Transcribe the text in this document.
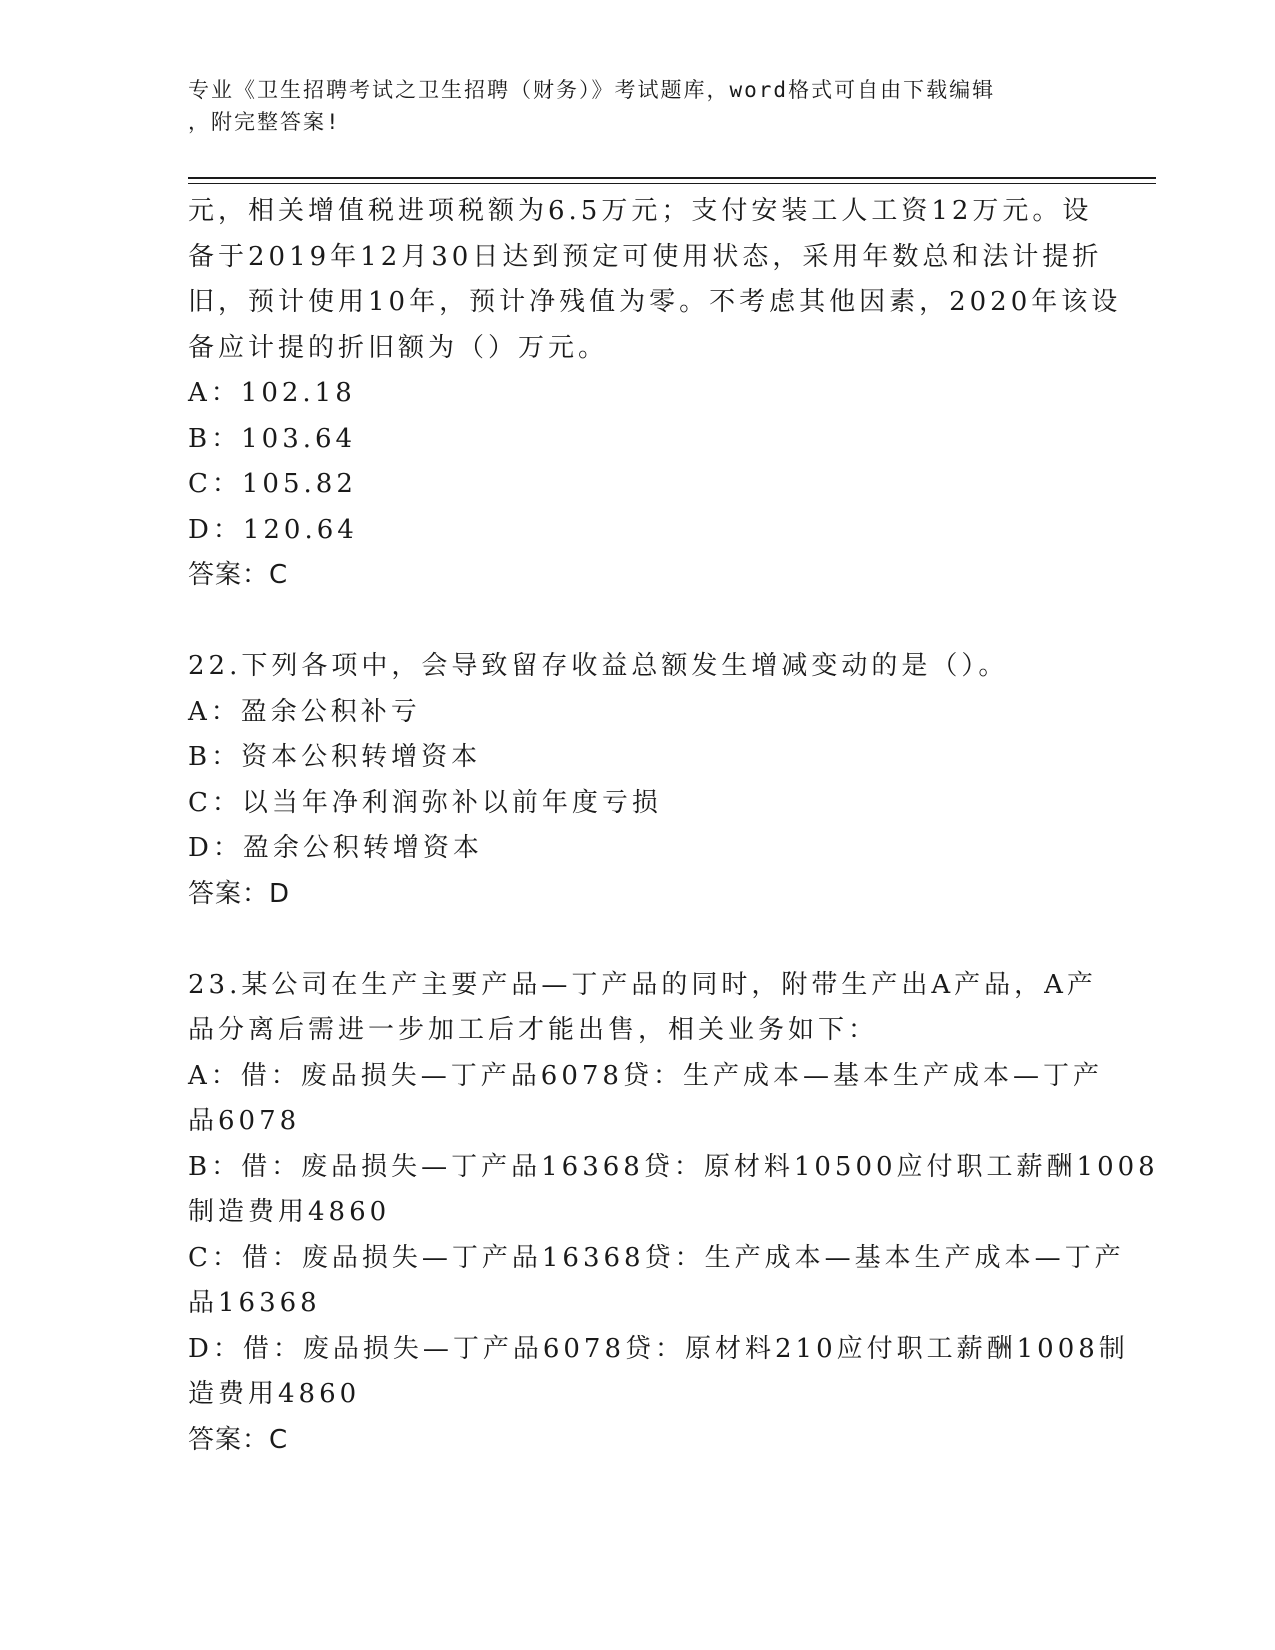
专业《卫生招聘考试之卫生招聘（财务）》考试题库，word格式可自由下载编辑
，附完整答案!
元，相关增值税进项税额为6.5万元；支付安装工人工资12万元。设
备于2019年12月30日达到预定可使用状态，采用年数总和法计提折
旧，预计使用10年，预计净残值为零。不考虑其他因素，2020年该设
备应计提的折旧额为（）万元。
A：102.18
B：103.64
C：105.82
D：120.64
答案：C
22.下列各项中，会导致留存收益总额发生增减变动的是（）。
A：盈余公积补亏
B：资本公积转增资本
C：以当年净利润弥补以前年度亏损
D：盈余公积转增资本
答案：D
23.某公司在生产主要产品—丁产品的同时，附带生产出A产品，A产
品分离后需进一步加工后才能出售，相关业务如下：
A：借：废品损失—丁产品6078贷：生产成本—基本生产成本—丁产
品6078
B：借：废品损失—丁产品16368贷：原材料10500应付职工薪酬1008
制造费用4860
C：借：废品损失—丁产品16368贷：生产成本—基本生产成本—丁产
品16368
D：借：废品损失—丁产品6078贷：原材料210应付职工薪酬1008制
造费用4860
答案：C
